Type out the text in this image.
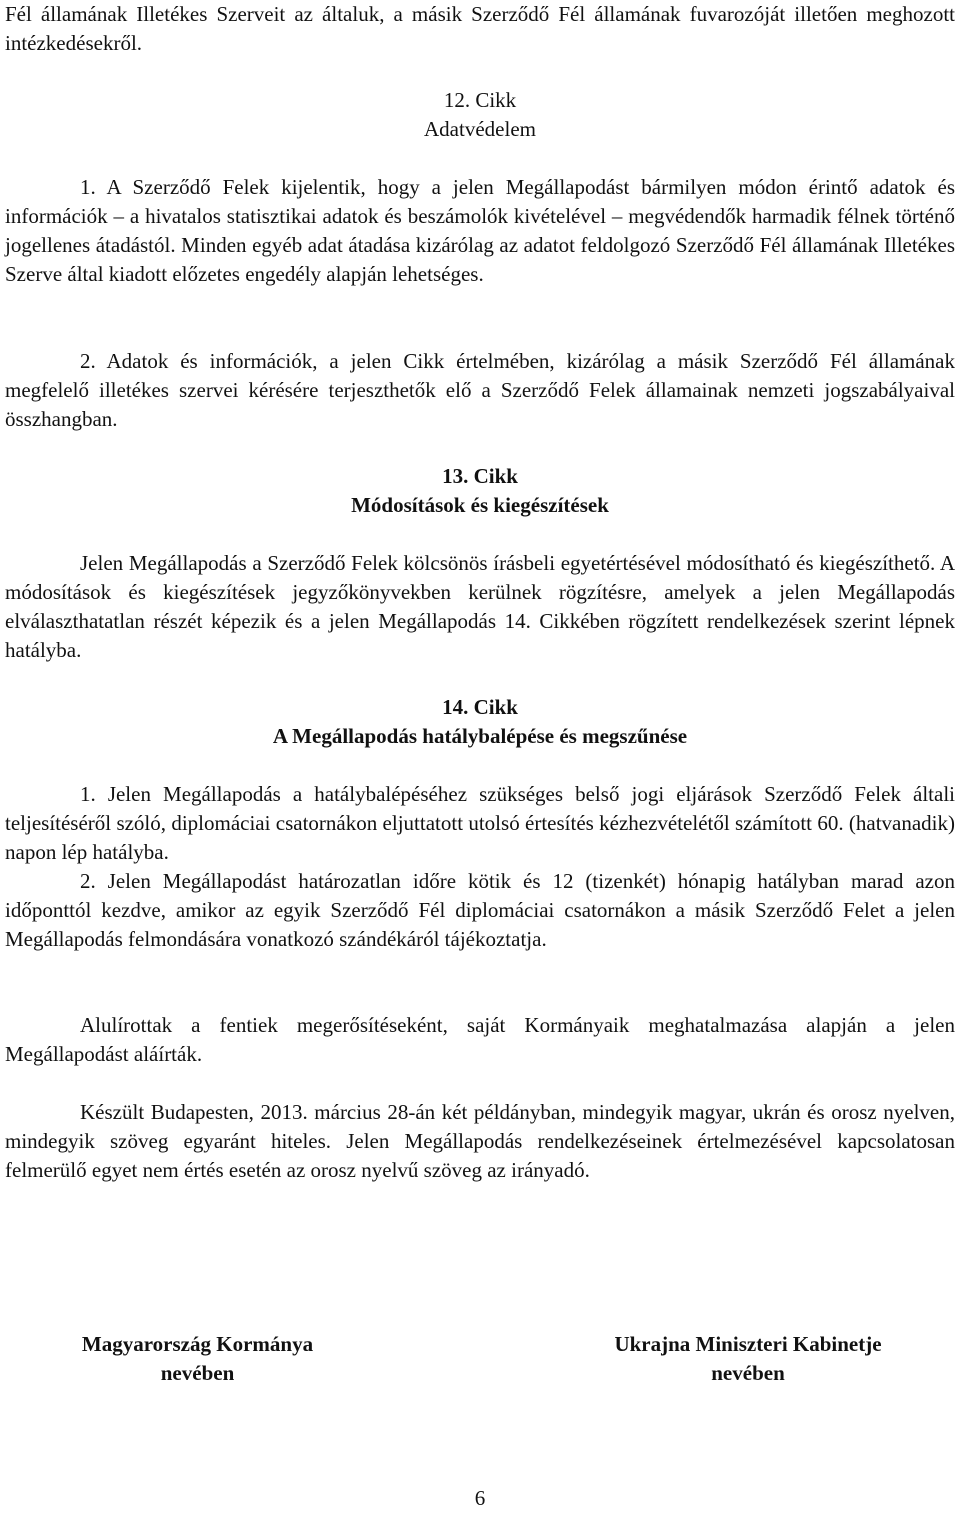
Fél államának Illetékes Szerveit az általuk, a másik Szerződő Fél államának fuvarozóját illetően meghozott intézkedésekről.

12. Cikk
Adatvédelem

1. A Szerződő Felek kijelentik, hogy a jelen Megállapodást bármilyen módon érintő adatok és információk – a hivatalos statisztikai adatok és beszámolók kivételével – megvédendők harmadik félnek történő jogellenes átadástól. Minden egyéb adat átadása kizárólag az adatot feldolgozó Szerződő Fél államának Illetékes Szerve által kiadott előzetes engedély alapján lehetséges.

2. Adatok és információk, a jelen Cikk értelmében, kizárólag a másik Szerződő Fél államának megfelelő illetékes szervei kérésére terjeszthetők elő a Szerződő Felek államainak nemzeti jogszabályaival összhangban.

13. Cikk
Módosítások és kiegészítések

Jelen Megállapodás a Szerződő Felek kölcsönös írásbeli egyetértésével módosítható és kiegészíthető. A módosítások és kiegészítések jegyzőkönyvekben kerülnek rögzítésre, amelyek a jelen Megállapodás elválaszthatatlan részét képezik és a jelen Megállapodás 14. Cikkében rögzített rendelkezések szerint lépnek hatályba.

14. Cikk
A Megállapodás hatálybalépése és megszűnése

1. Jelen Megállapodás a hatálybalépéséhez szükséges belső jogi eljárások Szerződő Felek általi teljesítéséről szóló, diplomáciai csatornákon eljuttatott utolsó értesítés kézhezvételétől számított 60. (hatvanadik) napon lép hatályba.

2. Jelen Megállapodást határozatlan időre kötik és 12 (tizenkét) hónapig hatályban marad azon időponttól kezdve, amikor az egyik Szerződő Fél diplomáciai csatornákon a másik Szerződő Felet a jelen Megállapodás felmondására vonatkozó szándékáról tájékoztatja.

Alulírottak a fentiek megerősítéseként, saját Kormányaik meghatalmazása alapján a jelen Megállapodást aláírták.

Készült Budapesten, 2013. március 28-án két példányban, mindegyik magyar, ukrán és orosz nyelven, mindegyik szöveg egyaránt hiteles. Jelen Megállapodás rendelkezéseinek értelmezésével kapcsolatosan felmerülő egyet nem értés esetén az orosz nyelvű szöveg az irányadó.

Magyarország Kormánya
nevében
Ukrajna Miniszteri Kabinetje
nevében
6
